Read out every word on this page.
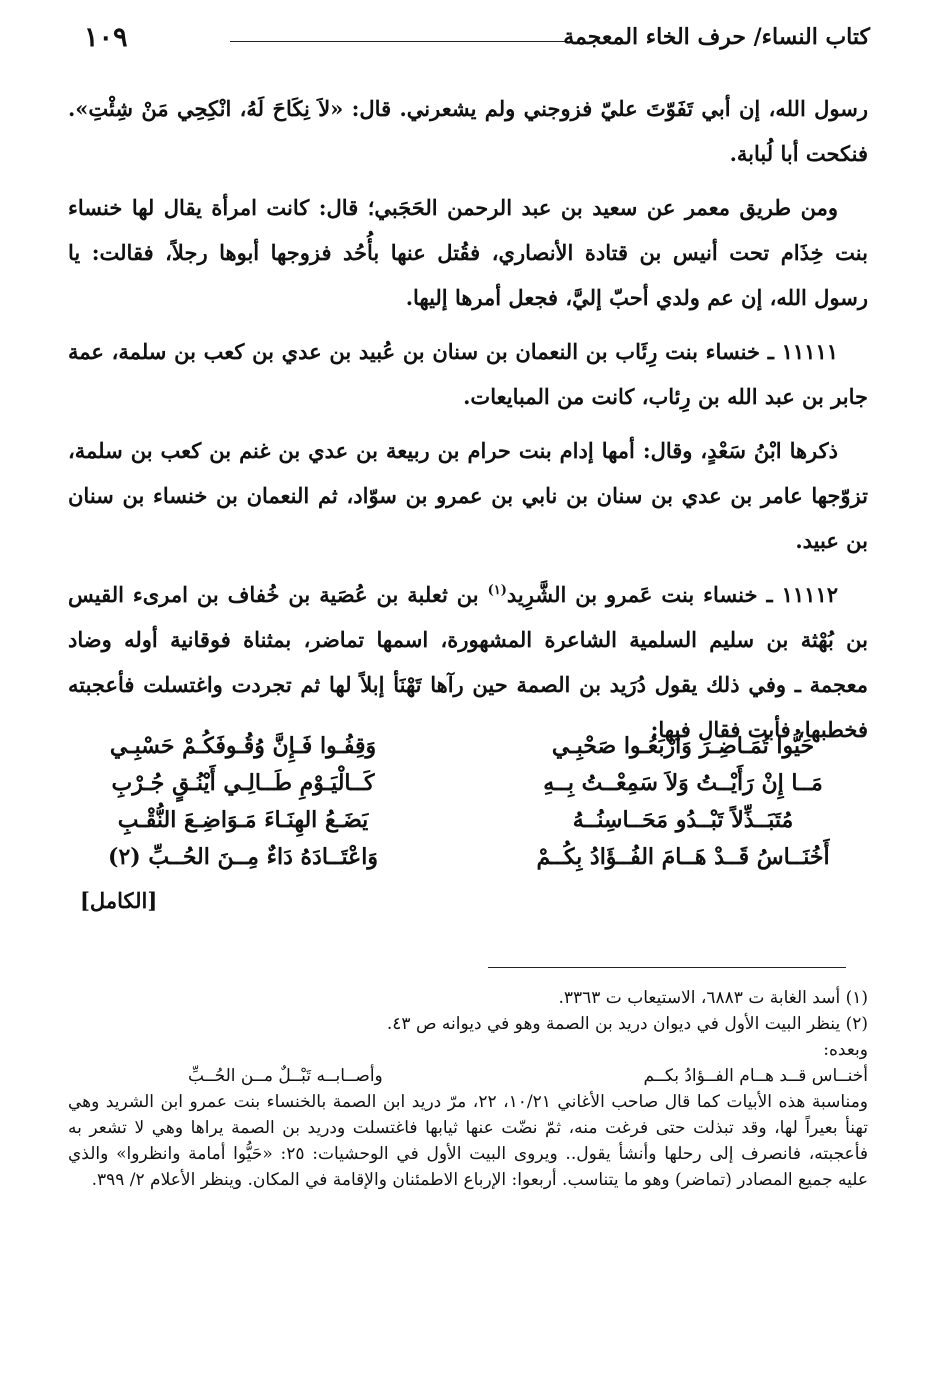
١٠٩	كتاب النساء/ حرف الخاء المعجمة

رسول الله، إن أبي تَفَوّتَ عليّ فزوجني ولم يشعرني. قال: «لاَ نِكَاحَ لَهُ، انْكِحِي مَنْ شِئْتِ». فنكحت أبا لُبابة.

ومن طريق معمر عن سعيد بن عبد الرحمن الحَجَبي؛ قال: كانت امرأة يقال لها خنساء بنت خِذَام تحت أنيس بن قتادة الأنصاري، فقُتل عنها بأُحُد فزوجها أبوها رجلاً، فقالت: يا رسول الله، إن عم ولدي أحبّ إليَّ، فجعل أمرها إليها.

١١١١١ ـ خنساء بنت رِئَاب بن النعمان بن سنان بن عُبيد بن عدي بن كعب بن سلمة، عمة جابر بن عبد الله بن رِئاب، كانت من المبايعات.

ذكرها ابْنُ سَعْدٍ، وقال: أمها إدام بنت حرام بن ربيعة بن عدي بن غنم بن كعب بن سلمة، تزوّجها عامر بن عدي بن سنان بن نابي بن عمرو بن سوّاد، ثم النعمان بن خنساء بن سنان بن عبيد.

١١١١٢ ـ خنساء بنت عَمرو بن الشَّرِيد$^{(١)}$ بن ثعلبة بن عُصَية بن خُفاف بن امرىء القيس بن بُهْثة بن سليم السلمية الشاعرة المشهورة، اسمها تماضر، بمثناة فوقانية أوله وضاد معجمة ـ وفي ذلك يقول دُرَيد بن الصمة حين رآها تَهْنَأ إبلاً لها ثم تجردت واغتسلت فأعجبته فخطبها، فأبت فقال فيها:

حَيُّوا تُمَـاضِـرَ وَارْبَعُـوا صَحْبِـي
وَقِفُـوا فَـإِنَّ وُقُـوفَكُـمْ حَسْبِـي
مَــا إِنْ رَأَيْــتُ وَلاَ سَمِعْــتُ بِــهِ
كَــالْيَـوْمِ طَــالِـي أَيْنُـقٍ جُـرْبِ
مُتَبَــذِّلاً تَبْــدُو مَحَــاسِنُــهُ
يَضَـعُ الهِنَـاءَ مَـوَاضِـعَ النُّقْـبِ
أَخُنَــاسُ قَــدْ هَــامَ الفُــؤَادُ بِكُــمْ
وَاعْتَــادَهُ دَاءٌ مِــنَ الحُــبِّ (٢)
[الكامل]

(١) أسد الغابة ت ٦٨٨٣، الاستيعاب ت ٣٣٦٣.

(٢) ينظر البيت الأول في ديوان دريد بن الصمة وهو في ديوانه ص ٤٣.

وبعده:

أخنــاس قــد هــام الفــؤادُ بكــم
وأصــابــه تَبْــلٌ مــن الحُــبِّ

ومناسبة هذه الأبيات كما قال صاحب الأغاني ١٠/٢١، ٢٢، مرّ دريد ابن الصمة بالخنساء بنت عمرو ابن الشريد وهي تهنأ بعيراً لها، وقد تبذلت حتى فرغت منه، ثمّ نضّت عنها ثيابها فاغتسلت ودريد بن الصمة يراها وهي لا تشعر به فأعجبته، فانصرف إلى رحلها وأنشأ يقول.. ويروى البيت الأول في الوحشيات: ٢٥: «حَيُّوا أمامة وانظروا» والذي عليه جميع المصادر (تماضر) وهو ما يتناسب. أربعوا: الإرباع الاطمئنان والإقامة في المكان. وينظر الأعلام ٢/ ٣٩٩.
